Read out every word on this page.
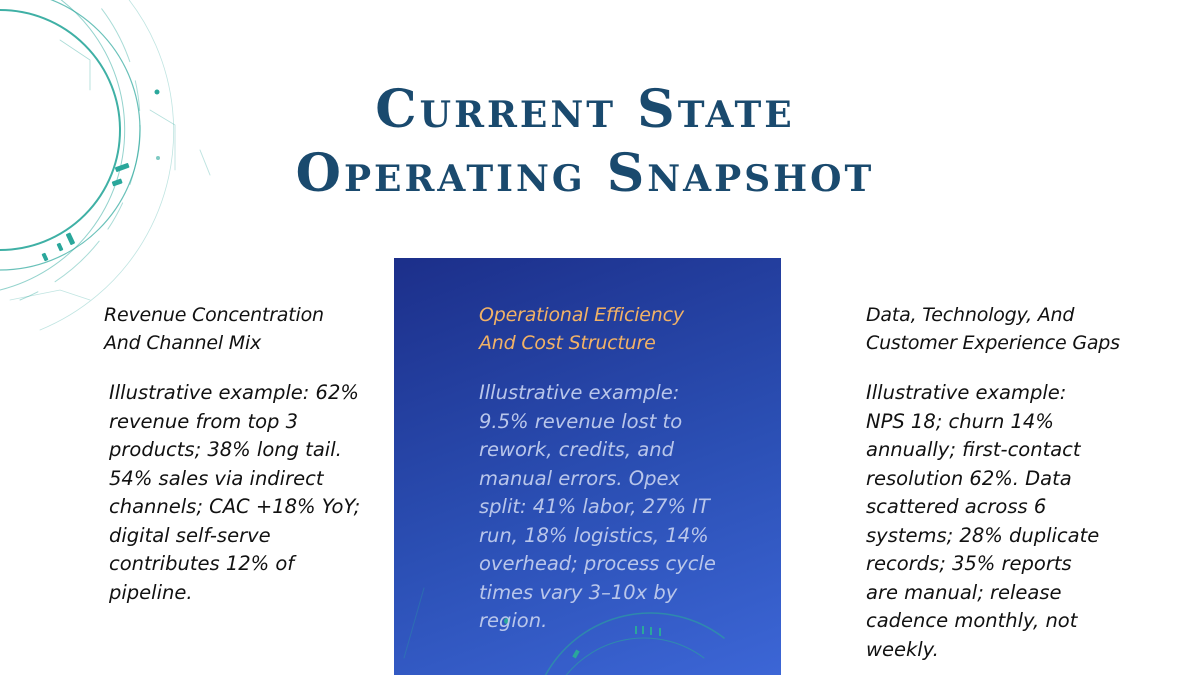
Current State
Operating Snapshot
Revenue Concentration
And Channel Mix

Illustrative example: 62% revenue from top 3 products; 38% long tail. 54% sales via indirect channels; CAC +18% YoY; digital self-serve contributes 12% of pipeline.

Operational Efficiency
And Cost Structure

Illustrative example: 9.5% revenue lost to rework, credits, and manual errors. Opex split: 41% labor, 27% IT run, 18% logistics, 14% overhead; process cycle times vary 3–10x by region.

Data, Technology, And
Customer Experience Gaps

Illustrative example: NPS 18; churn 14% annually; first-contact resolution 62%. Data scattered across 6 systems; 28% duplicate records; 35% reports are manual; release cadence monthly, not weekly.
